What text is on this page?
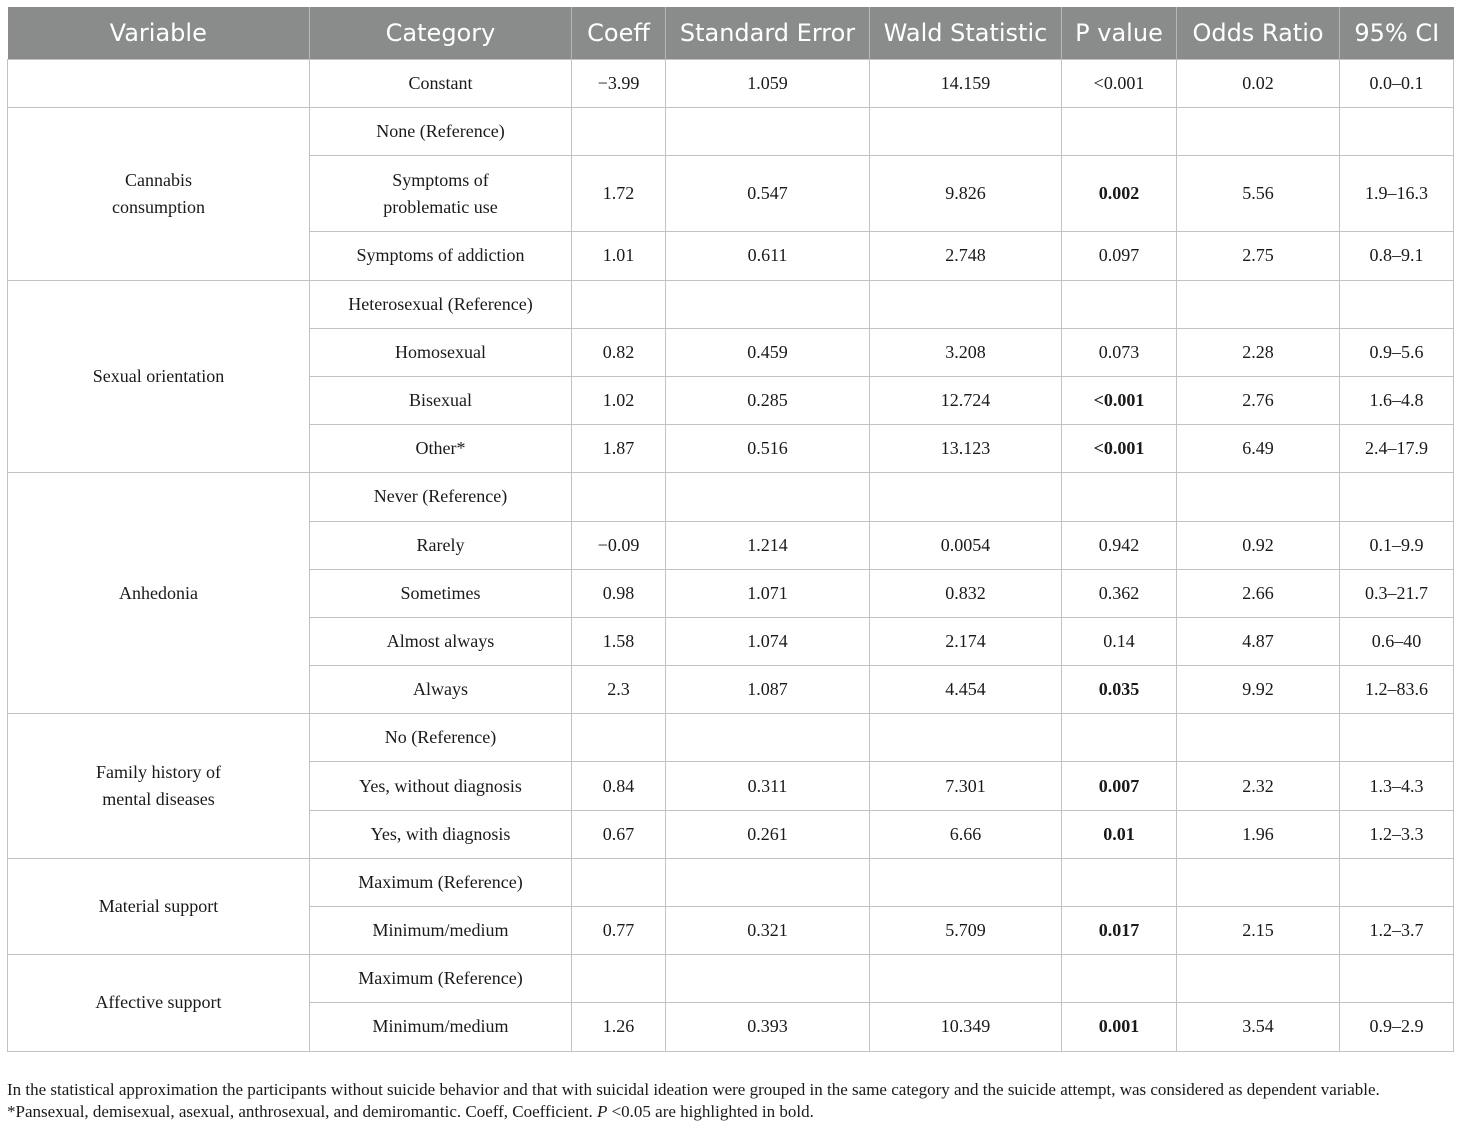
Variable	Category	Coeff	Standard Error	Wald Statistic	P value	Odds Ratio	95% CI
	Constant	−3.99	1.059	14.159	<0.001	0.02	0.0–0.1
Cannabis consumption	None (Reference)						
	Symptoms of problematic use	1.72	0.547	9.826	0.002	5.56	1.9–16.3
	Symptoms of addiction	1.01	0.611	2.748	0.097	2.75	0.8–9.1
Sexual orientation	Heterosexual (Reference)						
	Homosexual	0.82	0.459	3.208	0.073	2.28	0.9–5.6
	Bisexual	1.02	0.285	12.724	<0.001	2.76	1.6–4.8
	Other*	1.87	0.516	13.123	<0.001	6.49	2.4–17.9
Anhedonia	Never (Reference)						
	Rarely	−0.09	1.214	0.0054	0.942	0.92	0.1–9.9
	Sometimes	0.98	1.071	0.832	0.362	2.66	0.3–21.7
	Almost always	1.58	1.074	2.174	0.14	4.87	0.6–40
	Always	2.3	1.087	4.454	0.035	9.92	1.2–83.6
Family history of mental diseases	No (Reference)						
	Yes, without diagnosis	0.84	0.311	7.301	0.007	2.32	1.3–4.3
	Yes, with diagnosis	0.67	0.261	6.66	0.01	1.96	1.2–3.3
Material support	Maximum (Reference)						
	Minimum/medium	0.77	0.321	5.709	0.017	2.15	1.2–3.7
Affective support	Maximum (Reference)						
	Minimum/medium	1.26	0.393	10.349	0.001	3.54	0.9–2.9

In the statistical approximation the participants without suicide behavior and that with suicidal ideation were grouped in the same category and the suicide attempt, was considered as dependent variable. *Pansexual, demisexual, asexual, anthrosexual, and demiromantic. Coeff, Coefficient. P <0.05 are highlighted in bold.
